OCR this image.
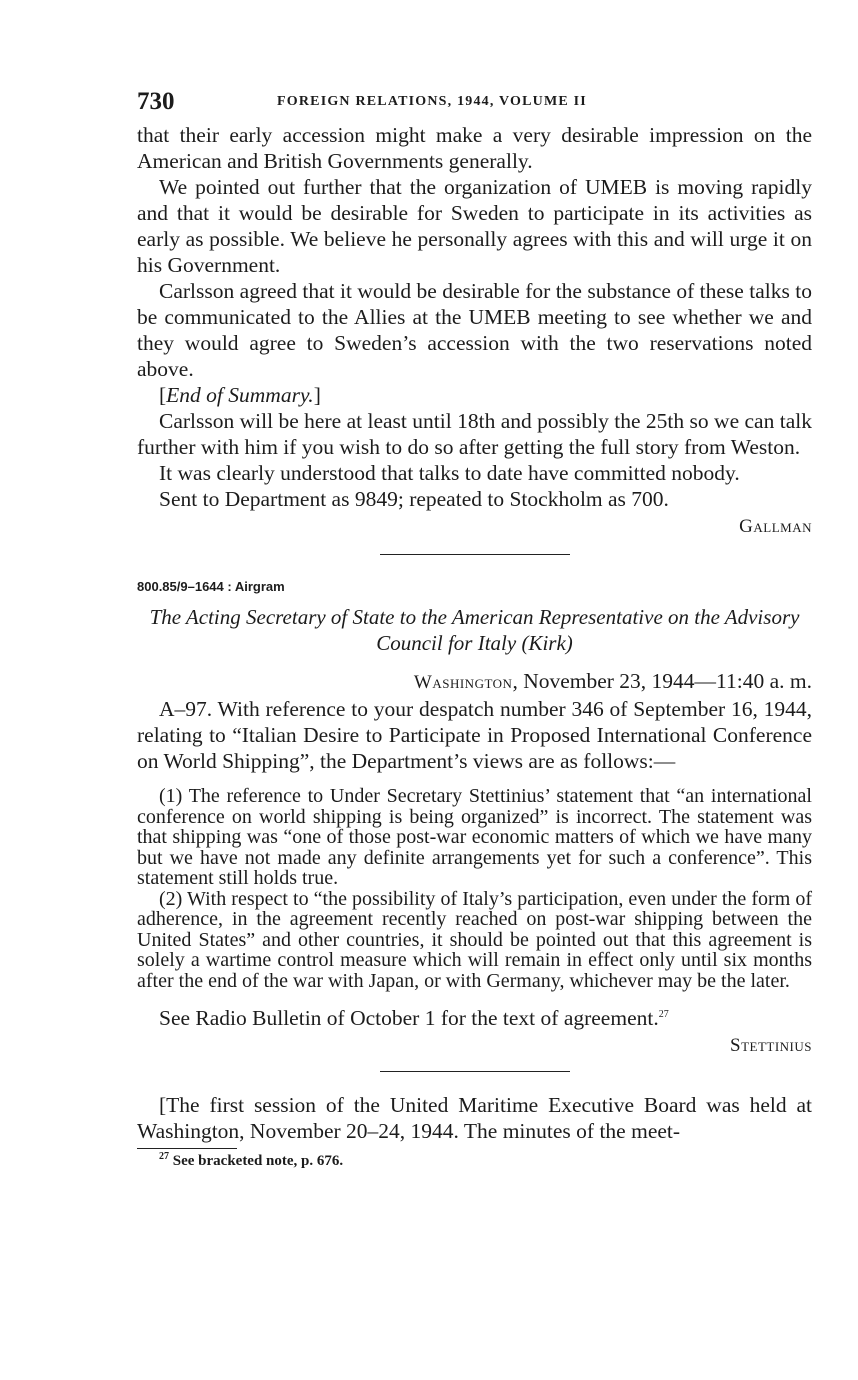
730	FOREIGN RELATIONS, 1944, VOLUME II

that their early accession might make a very desirable impression on the American and British Governments generally.

We pointed out further that the organization of UMEB is moving rapidly and that it would be desirable for Sweden to participate in its activities as early as possible. We believe he personally agrees with this and will urge it on his Government.

Carlsson agreed that it would be desirable for the substance of these talks to be communicated to the Allies at the UMEB meeting to see whether we and they would agree to Sweden’s accession with the two reservations noted above.

[End of Summary.]

Carlsson will be here at least until 18th and possibly the 25th so we can talk further with him if you wish to do so after getting the full story from Weston.

It was clearly understood that talks to date have committed nobody.

Sent to Department as 9849; repeated to Stockholm as 700.

Gallman

800.85/9–1644 : Airgram

The Acting Secretary of State to the American Representative on the Advisory Council for Italy (Kirk)

Washington, November 23, 1944—11:40 a. m.

A–97. With reference to your despatch number 346 of September 16, 1944, relating to “Italian Desire to Participate in Proposed International Conference on World Shipping”, the Department’s views are as follows:—

(1) The reference to Under Secretary Stettinius’ statement that “an international conference on world shipping is being organized” is incorrect. The statement was that shipping was “one of those post-war economic matters of which we have many but we have not made any definite arrangements yet for such a conference”. This statement still holds true.

(2) With respect to “the possibility of Italy’s participation, even under the form of adherence, in the agreement recently reached on post-war shipping between the United States” and other countries, it should be pointed out that this agreement is solely a wartime control measure which will remain in effect only until six months after the end of the war with Japan, or with Germany, whichever may be the later.

See Radio Bulletin of October 1 for the text of agreement.$^{27}$

Stettinius

[The first session of the United Maritime Executive Board was held at Washington, November 20–24, 1944. The minutes of the meet-

$^{27}$ See bracketed note, p. 676.
